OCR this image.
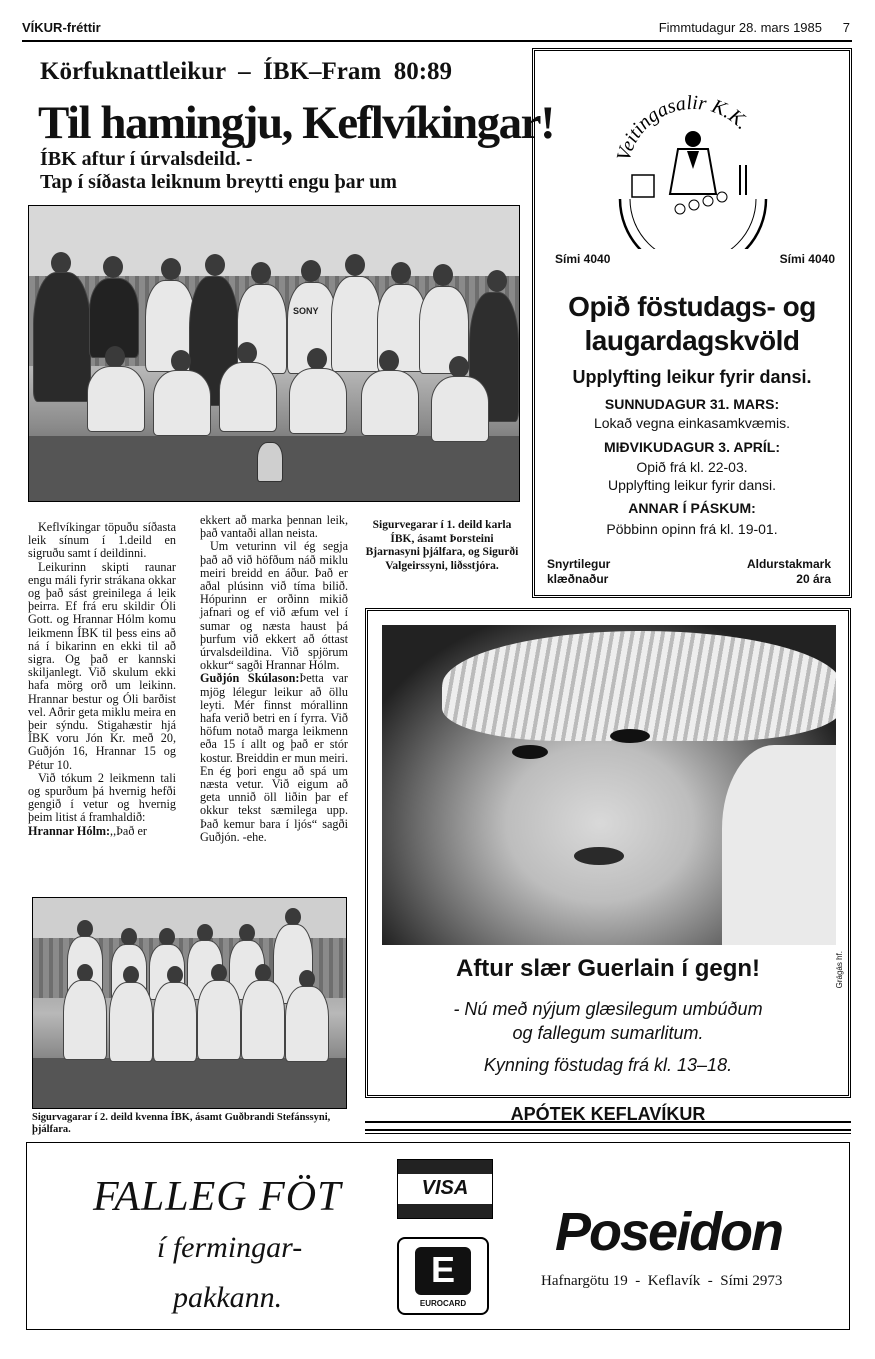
VÍKUR-fréttir	Fimmtudagur 28. mars 1985 7
Körfuknattleikur  –  ÍBK–Fram  80:89
Til hamingju, Keflvíkingar!
ÍBK aftur í úrvalsdeild. -
Tap í síðasta leiknum breytti engu þar um
SONY

Keflvíkingar töpuðu síðasta leik sínum í 1.deild en sigruðu samt í deildinni.

Leikurinn skipti raunar engu máli fyrir strákana okkar og það sást greinilega á leik þeirra. Ef frá eru skildir Óli Gott. og Hrannar Hólm komu leikmenn ÍBK til þess eins að ná í bikarinn en ekki til að sigra. Og það er kannski skiljanlegt. Við skulum ekki hafa mörg orð um leikinn. Hrannar bestur og Óli barðist vel. Aðrir geta miklu meira en þeir sýndu. Stigahæstir hjá ÍBK voru Jón Kr. með 20, Guðjón 16, Hrannar 15 og Pétur 10.

Við tókum 2 leikmenn tali og spurðum þá hvernig hefði gengið í vetur og hvernig þeim litist á framhaldið:

Hrannar Hólm:,,Það er

ekkert að marka þennan leik, það vantaði allan neista.

Um veturinn vil ég segja það að við höfðum náð miklu meiri breidd en áður. Það er aðal plúsinn við tíma bilið. Hópurinn er orðinn mikið jafnari og ef við æfum vel í sumar og næsta haust þá þurfum við ekkert að óttast úrvalsdeildina. Við spjörum okkur“ sagði Hrannar Hólm.

Guðjón Skúlason:Þetta var mjög lélegur leikur að öllu leyti. Mér finnst mórallinn hafa verið betri en í fyrra. Við höfum notað marga leikmenn eða 15 í allt og það er stór kostur. Breiddin er mun meiri. En ég þori engu að spá um næsta vetur. Við eigum að geta unnið öll liðin þar ef okkur tekst sæmilega upp. Það kemur bara í ljós“ sagði Guðjón. -ehe.

Sigurvegarar í 1. deild karla ÍBK, ásamt Þorsteini Bjarnasyni þjálfara, og Sigurði Valgeirssyni, liðsstjóra.
Sigurvagarar í 2. deild kvenna ÍBK, ásamt Guðbrandi Stefánssyni, þjálfara.
Veitingasalir K.K.
Sími 4040	Sími 4040
Opið föstudags- og
laugardagskvöld
Upplyfting leikur fyrir dansi.
SUNNUDAGUR 31. MARS:
Lokað vegna einkasamkvæmis.
MIÐVIKUDAGUR 3. APRÍL:
Opið frá kl. 22-03.
Upplyfting leikur fyrir dansi.
ANNAR Í PÁSKUM:
Pöbbinn opinn frá kl. 19-01.
Snyrtilegur
klæðnaður
Aldurstakmark
20 ára
Aftur slær Guerlain í gegn!
- Nú með nýjum glæsilegum umbúðum
og fallegum sumarlitum.
Kynning föstudag frá kl. 13–18.
Grágás hf.
APÓTEK KEFLAVÍKUR
FALLEG FÖT
í fermingar-
pakkann.
VISA
E
EUROCARD
Poseidon
Hafnargötu 19  -  Keflavík  -  Sími 2973
